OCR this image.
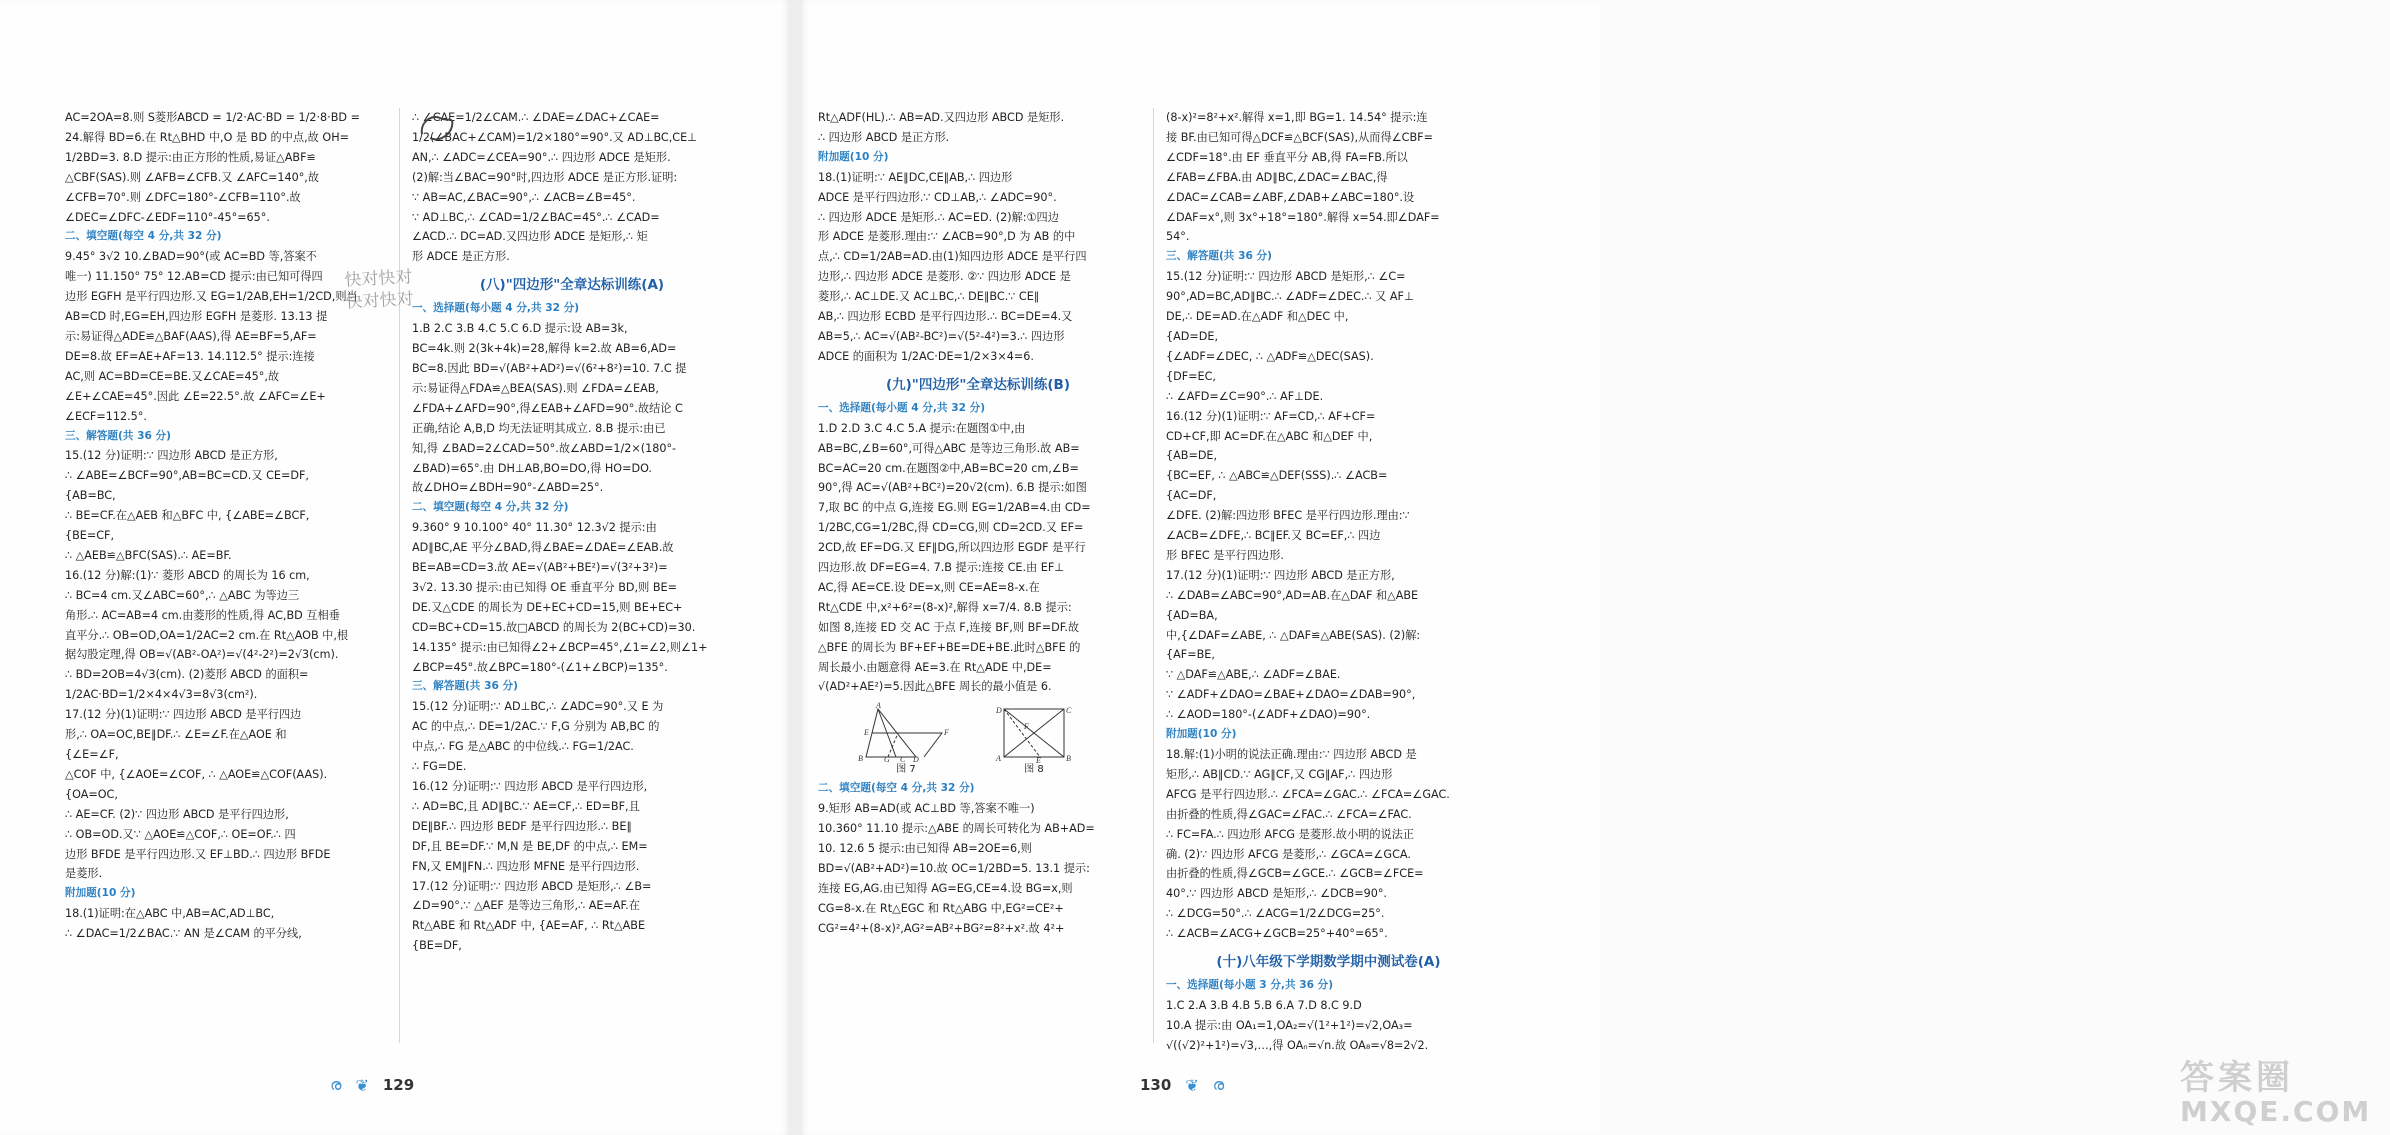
AC=2OA=8.则 S菱形ABCD = 1/2·AC·BD = 1/2·8·BD =
24.解得 BD=6.在 Rt△BHD 中,O 是 BD 的中点,故 OH=
1/2BD=3. 8.D 提示:由正方形的性质,易证△ABF≌
△CBF(SAS).则 ∠AFB=∠CFB.又 ∠AFC=140°,故
∠CFB=70°.则 ∠DFC=180°-∠CFB=110°.故
∠DEC=∠DFC-∠EDF=110°-45°=65°.
二、填空题(每空 4 分,共 32 分)
9.45° 3√2 10.∠BAD=90°(或 AC=BD 等,答案不
唯一) 11.150° 75° 12.AB=CD 提示:由已知可得四
边形 EGFH 是平行四边形.又 EG=1/2AB,EH=1/2CD,则当
AB=CD 时,EG=EH,四边形 EGFH 是菱形. 13.13 提
示:易证得△ADE≌△BAF(AAS),得 AE=BF=5,AF=
DE=8.故 EF=AE+AF=13. 14.112.5° 提示:连接
AC,则 AC=BD=CE=BE.又∠CAE=45°,故
∠E+∠CAE=45°.因此 ∠E=22.5°.故 ∠AFC=∠E+
∠ECF=112.5°.
三、解答题(共 36 分)
15.(12 分)证明:∵ 四边形 ABCD 是正方形,
∴ ∠ABE=∠BCF=90°,AB=BC=CD.又 CE=DF,
{AB=BC,
∴ BE=CF.在△AEB 和△BFC 中, {∠ABE=∠BCF,
{BE=CF,
∴ △AEB≌△BFC(SAS).∴ AE=BF.
16.(12 分)解:(1)∵ 菱形 ABCD 的周长为 16 cm,
∴ BC=4 cm.又∠ABC=60°,∴ △ABC 为等边三
角形.∴ AC=AB=4 cm.由菱形的性质,得 AC,BD 互相垂
直平分.∴ OB=OD,OA=1/2AC=2 cm.在 Rt△AOB 中,根
据勾股定理,得 OB=√(AB²-OA²)=√(4²-2²)=2√3(cm).
∴ BD=2OB=4√3(cm). (2)菱形 ABCD 的面积=
1/2AC·BD=1/2×4×4√3=8√3(cm²).
17.(12 分)(1)证明:∵ 四边形 ABCD 是平行四边
形,∴ OA=OC,BE∥DF.∴ ∠E=∠F.在△AOE 和
{∠E=∠F,
△COF 中, {∠AOE=∠COF, ∴ △AOE≌△COF(AAS).
{OA=OC,
∴ AE=CF. (2)∵ 四边形 ABCD 是平行四边形,
∴ OB=OD.又∵ △AOE≌△COF,∴ OE=OF.∴ 四
边形 BFDE 是平行四边形.又 EF⊥BD.∴ 四边形 BFDE
是菱形.
附加题(10 分)
18.(1)证明:在△ABC 中,AB=AC,AD⊥BC,
∴ ∠DAC=1/2∠BAC.∵ AN 是∠CAM 的平分线,
∴ ∠CAE=1/2∠CAM.∴ ∠DAE=∠DAC+∠CAE=
1/2(∠BAC+∠CAM)=1/2×180°=90°.又 AD⊥BC,CE⊥
AN,∴ ∠ADC=∠CEA=90°.∴ 四边形 ADCE 是矩形.
(2)解:当∠BAC=90°时,四边形 ADCE 是正方形.证明:
∵ AB=AC,∠BAC=90°,∴ ∠ACB=∠B=45°.
∵ AD⊥BC,∴ ∠CAD=1/2∠BAC=45°.∴ ∠CAD=
∠ACD.∴ DC=AD.又四边形 ADCE 是矩形,∴ 矩
形 ADCE 是正方形.
(八)"四边形"全章达标训练(A)
一、选择题(每小题 4 分,共 32 分)
1.B 2.C 3.B 4.C 5.C 6.D 提示:设 AB=3k,
BC=4k.则 2(3k+4k)=28,解得 k=2.故 AB=6,AD=
BC=8.因此 BD=√(AB²+AD²)=√(6²+8²)=10. 7.C 提
示:易证得△FDA≌△BEA(SAS).则 ∠FDA=∠EAB,
∠FDA+∠AFD=90°,得∠EAB+∠AFD=90°.故结论 C
正确,结论 A,B,D 均无法证明其成立. 8.B 提示:由已
知,得 ∠BAD=2∠CAD=50°.故∠ABD=1/2×(180°-
∠BAD)=65°.由 DH⊥AB,BO=DO,得 HO=DO.
故∠DHO=∠BDH=90°-∠ABD=25°.
二、填空题(每空 4 分,共 32 分)
9.360° 9 10.100° 40° 11.30° 12.3√2 提示:由
AD∥BC,AE 平分∠BAD,得∠BAE=∠DAE=∠EAB.故
BE=AB=CD=3.故 AE=√(AB²+BE²)=√(3²+3²)=
3√2. 13.30 提示:由已知得 OE 垂直平分 BD,则 BE=
DE.又△CDE 的周长为 DE+EC+CD=15,则 BE+EC+
CD=BC+CD=15.故□ABCD 的周长为 2(BC+CD)=30.
14.135° 提示:由已知得∠2+∠BCP=45°,∠1=∠2,则∠1+
∠BCP=45°.故∠BPC=180°-(∠1+∠BCP)=135°.
三、解答题(共 36 分)
15.(12 分)证明:∵ AD⊥BC,∴ ∠ADC=90°.又 E 为
AC 的中点,∴ DE=1/2AC.∵ F,G 分别为 AB,BC 的
中点,∴ FG 是△ABC 的中位线.∴ FG=1/2AC.
∴ FG=DE.
16.(12 分)证明:∵ 四边形 ABCD 是平行四边形,
∴ AD=BC,且 AD∥BC.∵ AE=CF,∴ ED=BF,且
DE∥BF.∴ 四边形 BEDF 是平行四边形.∴ BE∥
DF,且 BE=DF.∵ M,N 是 BE,DF 的中点,∴ EM=
FN,又 EM∥FN.∴ 四边形 MFNE 是平行四边形.
17.(12 分)证明:∵ 四边形 ABCD 是矩形,∴ ∠B=
∠D=90°.∵ △AEF 是等边三角形,∴ AE=AF.在
Rt△ABE 和 Rt△ADF 中, {AE=AF, ∴ Rt△ABE
{BE=DF,
快对快对
快对快对
ര ❦ 129
Rt△ADF(HL).∴ AB=AD.又四边形 ABCD 是矩形.
∴ 四边形 ABCD 是正方形.
附加题(10 分)
18.(1)证明:∵ AE∥DC,CE∥AB,∴ 四边形
ADCE 是平行四边形.∵ CD⊥AB,∴ ∠ADC=90°.
∴ 四边形 ADCE 是矩形.∴ AC=ED. (2)解:①四边
形 ADCE 是菱形.理由:∵ ∠ACB=90°,D 为 AB 的中
点,∴ CD=1/2AB=AD.由(1)知四边形 ADCE 是平行四
边形,∴ 四边形 ADCE 是菱形. ②∵ 四边形 ADCE 是
菱形,∴ AC⊥DE.又 AC⊥BC,∴ DE∥BC.∵ CE∥
AB,∴ 四边形 ECBD 是平行四边形.∴ BC=DE=4.又
AB=5,∴ AC=√(AB²-BC²)=√(5²-4²)=3.∴ 四边形
ADCE 的面积为 1/2AC·DE=1/2×3×4=6.
(九)"四边形"全章达标训练(B)
一、选择题(每小题 4 分,共 32 分)
1.D 2.D 3.C 4.C 5.A 提示:在题图①中,由
AB=BC,∠B=60°,可得△ABC 是等边三角形.故 AB=
BC=AC=20 cm.在题图②中,AB=BC=20 cm,∠B=
90°,得 AC=√(AB²+BC²)=20√2(cm). 6.B 提示:如图
7,取 BC 的中点 G,连接 EG.则 EG=1/2AB=4.由 CD=
1/2BC,CG=1/2BC,得 CD=CG,则 CD=2CD.又 EF=
2CD,故 EF=DG.又 EF∥DG,所以四边形 EGDF 是平行
四边形.故 DF=EG=4. 7.B 提示:连接 CE.由 EF⊥
AC,得 AE=CE.设 DE=x,则 CE=AE=8-x.在
Rt△CDE 中,x²+6²=(8-x)²,解得 x=7/4. 8.B 提示:
如图 8,连接 ED 交 AC 于点 F,连接 BF,则 BF=DF.故
△BFE 的周长为 BF+EF+BE=DE+BE.此时△BFE 的
周长最小.由题意得 AE=3.在 Rt△ADE 中,DE=
√(AD²+AE²)=5.因此△BFE 周长的最小值是 6.
A
B	G C D
F
E
图 7
D	C
A	B
E
F
图 8
二、填空题(每空 4 分,共 32 分)
9.矩形 AB=AD(或 AC⊥BD 等,答案不唯一)
10.360° 11.10 提示:△ABE 的周长可转化为 AB+AD=
10. 12.6 5 提示:由已知得 AB=2OE=6,则
BD=√(AB²+AD²)=10.故 OC=1/2BD=5. 13.1 提示:
连接 EG,AG.由已知得 AG=EG,CE=4.设 BG=x,则
CG=8-x.在 Rt△EGC 和 Rt△ABG 中,EG²=CE²+
CG²=4²+(8-x)²,AG²=AB²+BG²=8²+x².故 4²+
(8-x)²=8²+x².解得 x=1,即 BG=1. 14.54° 提示:连
接 BF.由已知可得△DCF≌△BCF(SAS),从而得∠CBF=
∠CDF=18°.由 EF 垂直平分 AB,得 FA=FB.所以
∠FAB=∠FBA.由 AD∥BC,∠DAC=∠BAC,得
∠DAC=∠CAB=∠ABF,∠DAB+∠ABC=180°.设
∠DAF=x°,则 3x°+18°=180°.解得 x=54.即∠DAF=
54°.
三、解答题(共 36 分)
15.(12 分)证明:∵ 四边形 ABCD 是矩形,∴ ∠C=
90°,AD=BC,AD∥BC.∴ ∠ADF=∠DEC.∴ 又 AF⊥
DE,∴ DE=AD.在△ADF 和△DEC 中,
{AD=DE,
{∠ADF=∠DEC, ∴ △ADF≌△DEC(SAS).
{DF=EC,
∴ ∠AFD=∠C=90°.∴ AF⊥DE.
16.(12 分)(1)证明:∵ AF=CD,∴ AF+CF=
CD+CF,即 AC=DF.在△ABC 和△DEF 中,
{AB=DE,
{BC=EF, ∴ △ABC≌△DEF(SSS).∴ ∠ACB=
{AC=DF,
∠DFE. (2)解:四边形 BFEC 是平行四边形.理由:∵
∠ACB=∠DFE,∴ BC∥EF.又 BC=EF,∴ 四边
形 BFEC 是平行四边形.
17.(12 分)(1)证明:∵ 四边形 ABCD 是正方形,
∴ ∠DAB=∠ABC=90°,AD=AB.在△DAF 和△ABE
{AD=BA,
中,{∠DAF=∠ABE, ∴ △DAF≌△ABE(SAS). (2)解:
{AF=BE,
∵ △DAF≌△ABE,∴ ∠ADF=∠BAE.
∵ ∠ADF+∠DAO=∠BAE+∠DAO=∠DAB=90°,
∴ ∠AOD=180°-(∠ADF+∠DAO)=90°.
附加题(10 分)
18.解:(1)小明的说法正确.理由:∵ 四边形 ABCD 是
矩形,∴ AB∥CD.∵ AG∥CF,又 CG∥AF,∴ 四边形
AFCG 是平行四边形.∴ ∠FCA=∠GAC.∴ ∠FCA=∠GAC.
由折叠的性质,得∠GAC=∠FAC.∴ ∠FCA=∠FAC.
∴ FC=FA.∴ 四边形 AFCG 是菱形.故小明的说法正
确. (2)∵ 四边形 AFCG 是菱形,∴ ∠GCA=∠GCA.
由折叠的性质,得∠GCB=∠GCE.∴ ∠GCB=∠FCE=
40°.∵ 四边形 ABCD 是矩形,∴ ∠DCB=90°.
∴ ∠DCG=50°.∴ ∠ACG=1/2∠DCG=25°.
∴ ∠ACB=∠ACG+∠GCB=25°+40°=65°.
(十)八年级下学期数学期中测试卷(A)
一、选择题(每小题 3 分,共 36 分)
1.C 2.A 3.B 4.B 5.B 6.A 7.D 8.C 9.D
10.A 提示:由 OA₁=1,OA₂=√(1²+1²)=√2,OA₃=
√((√2)²+1²)=√3,…,得 OAₙ=√n.故 OA₈=√8=2√2.
130 ❦ ര	答案圈
MXQE.COM
